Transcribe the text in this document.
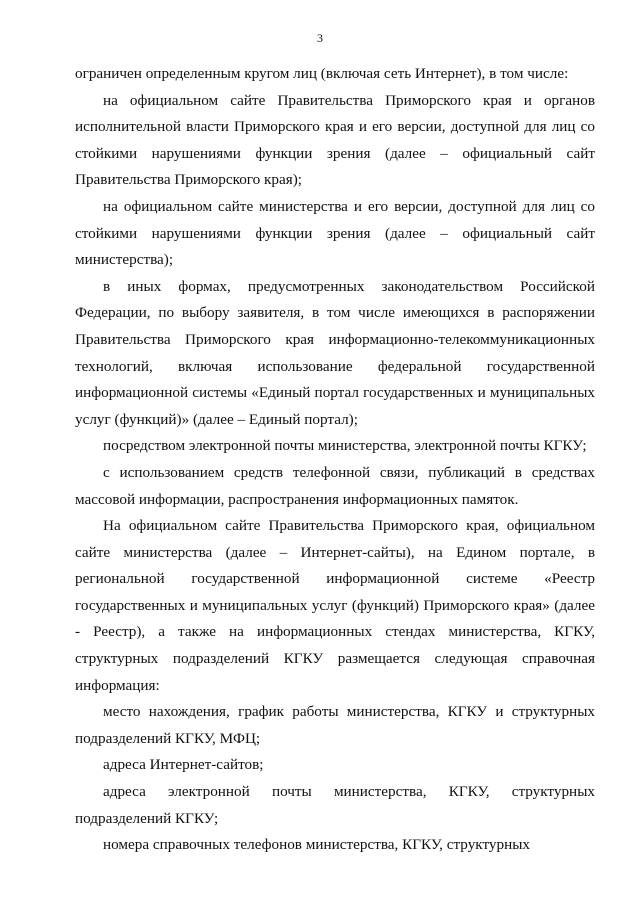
3

ограничен определенным кругом лиц (включая сеть Интернет), в том числе:

на официальном сайте Правительства Приморского края и органов исполнительной власти Приморского края и его версии, доступной для лиц со стойкими нарушениями функции зрения (далее – официальный сайт Правительства Приморского края);

на официальном сайте министерства и его версии, доступной для лиц со стойкими нарушениями функции зрения (далее – официальный сайт министерства);

в иных формах, предусмотренных законодательством Российской Федерации, по выбору заявителя, в том числе имеющихся в распоряжении Правительства Приморского края информационно-телекоммуникационных технологий, включая использование федеральной государственной информационной системы «Единый портал государственных и муниципальных услуг (функций)» (далее – Единый портал);

посредством электронной почты министерства, электронной почты КГКУ;

с использованием средств телефонной связи, публикаций в средствах массовой информации, распространения информационных памяток.

На официальном сайте Правительства Приморского края, официальном сайте министерства (далее – Интернет-сайты), на Едином портале, в региональной государственной информационной системе «Реестр государственных и муниципальных услуг (функций) Приморского края» (далее - Реестр), а также на информационных стендах министерства, КГКУ, структурных подразделений КГКУ размещается следующая справочная информация:

место нахождения, график работы министерства, КГКУ и структурных подразделений КГКУ, МФЦ;

адреса Интернет-сайтов;

адреса электронной почты министерства, КГКУ, структурных подразделений КГКУ;

номера справочных телефонов министерства, КГКУ, структурных
